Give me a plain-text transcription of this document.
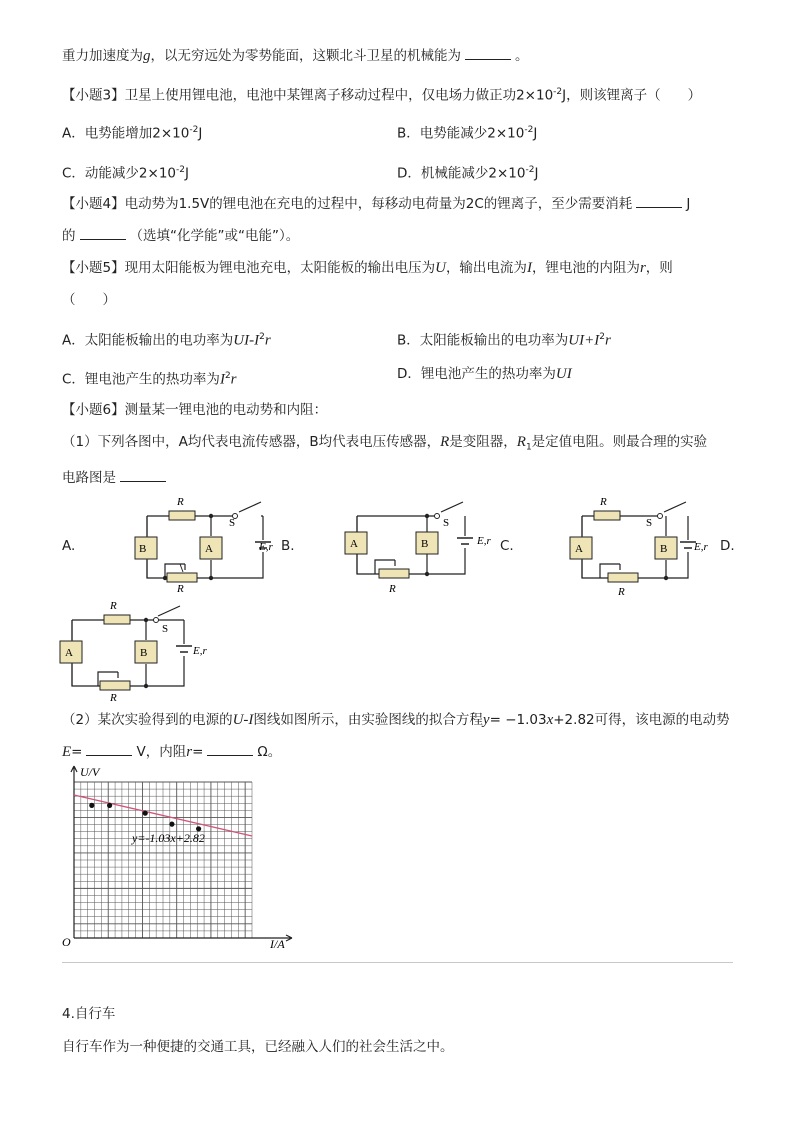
重力加速度为g，以无穷远处为零势能面，这颗北斗卫星的机械能为	。
【小题3】卫星上使用锂电池，电池中某锂离子移动过程中，仅电场力做正功$2\times 10^{-2}J$，则该锂离子（　　）
A．电势能增加$2\times 10^{-2}J$	B．电势能减少$2\times 10^{-2}J$
C．动能减少$2\times 10^{-2}J$	D．机械能减少$2\times 10^{-2}J$
【小题4】电动势为1.5V的锂电池在充电的过程中，每移动电荷量为2C的锂离子，至少需要消耗	J
的	（选填“化学能”或“电能”）。
【小题5】现用太阳能板为锂电池充电，太阳能板的输出电压为U，输出电流为I，锂电池的内阻为r，则
（　　）
A．太阳能板输出的电功率为$UI-I^2r$	B．太阳能板输出的电功率为$UI+I^2r$
C．锂电池产生的热功率为$I^2r$	D．锂电池产生的热功率为UI
【小题6】测量某一锂电池的电动势和内阻：
（1）下列各图中，A均代表电流传感器，B均代表电压传感器，R是变阻器，$R_1$是定值电阻。则最合理的实验
电路图是
A.	B.	C.	D.
B	A
S
E,r
R
R
A	B
S
E,r
R
A	B
S
E,r
R
R
A	B
S
E,r
R
R
（2）某次实验得到的电源的U-I图线如图所示，由实验图线的拟合方程y= −1.03x+2.82可得，该电源的电动势
E=	V，内阻r=	Ω。
U/V
I/A
O
y=-1.03x+2.82
4.自行车
自行车作为一种便捷的交通工具，已经融入人们的社会生活之中。
